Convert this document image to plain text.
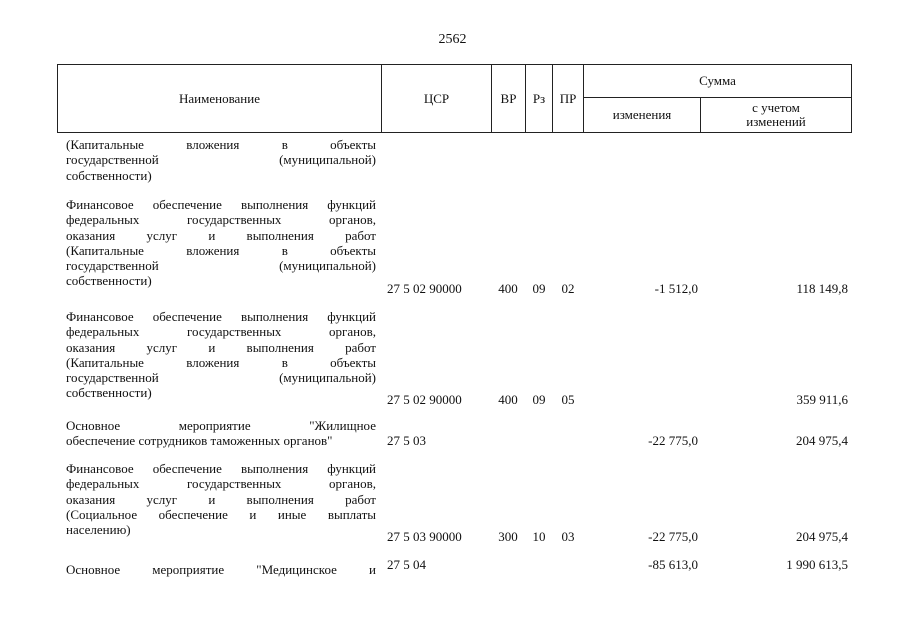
2562
Наименование	ЦСР	ВР Рз ПР
Сумма
изменения	с учетом
изменений
(Капитальные вложения в объекты
государственной (муниципальной)
собственности)
Финансовое обеспечение выполнения функций
федеральных государственных органов,
оказания услуг и выполнения работ
(Капитальные вложения в объекты
государственной (муниципальной)
собственности)
27 5 02 90000	400	09	02	-1 512,0	118 149,8
Финансовое обеспечение выполнения функций
федеральных государственных органов,
оказания услуг и выполнения работ
(Капитальные вложения в объекты
государственной (муниципальной)
собственности)	27 5 02 90000	400	09	05	359 911,6
Основное мероприятие "Жилищное
обеспечение сотрудников таможенных органов"	27 5 03	-22 775,0	204 975,4
Финансовое обеспечение выполнения функций
федеральных государственных органов,
оказания услуг и выполнения работ
(Социальное обеспечение и иные выплаты
населению)	27 5 03 90000	300	10	03	-22 775,0	204 975,4
Основное мероприятие "Медицинское и 27 5 04	-85 613,0	1 990 613,5
